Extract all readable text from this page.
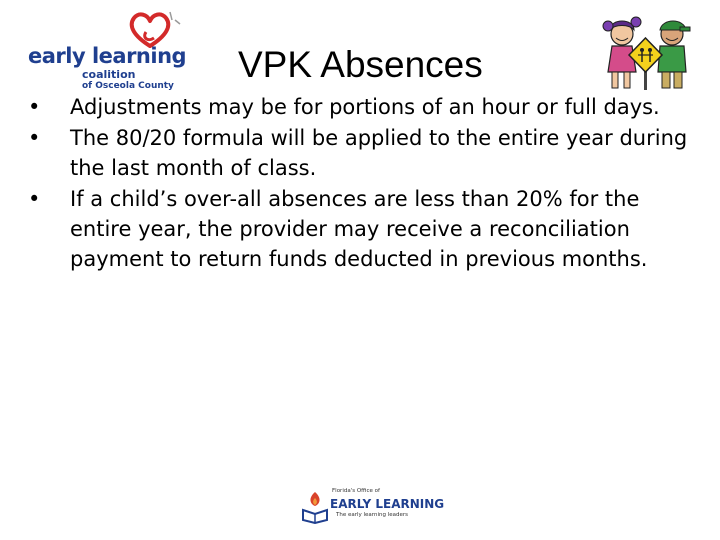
early learning
coalition
of Osceola County
VPK Absences
•	Adjustments may be for portions of an hour or full days.
•	The 80/20 formula will be applied to the entire year during the last month of class.
•	If a child’s over-all absences are less than 20% for the entire year, the provider may receive a reconciliation payment to return funds deducted in previous months.
Florida's Office of
EARLY LEARNING
The early learning leaders
